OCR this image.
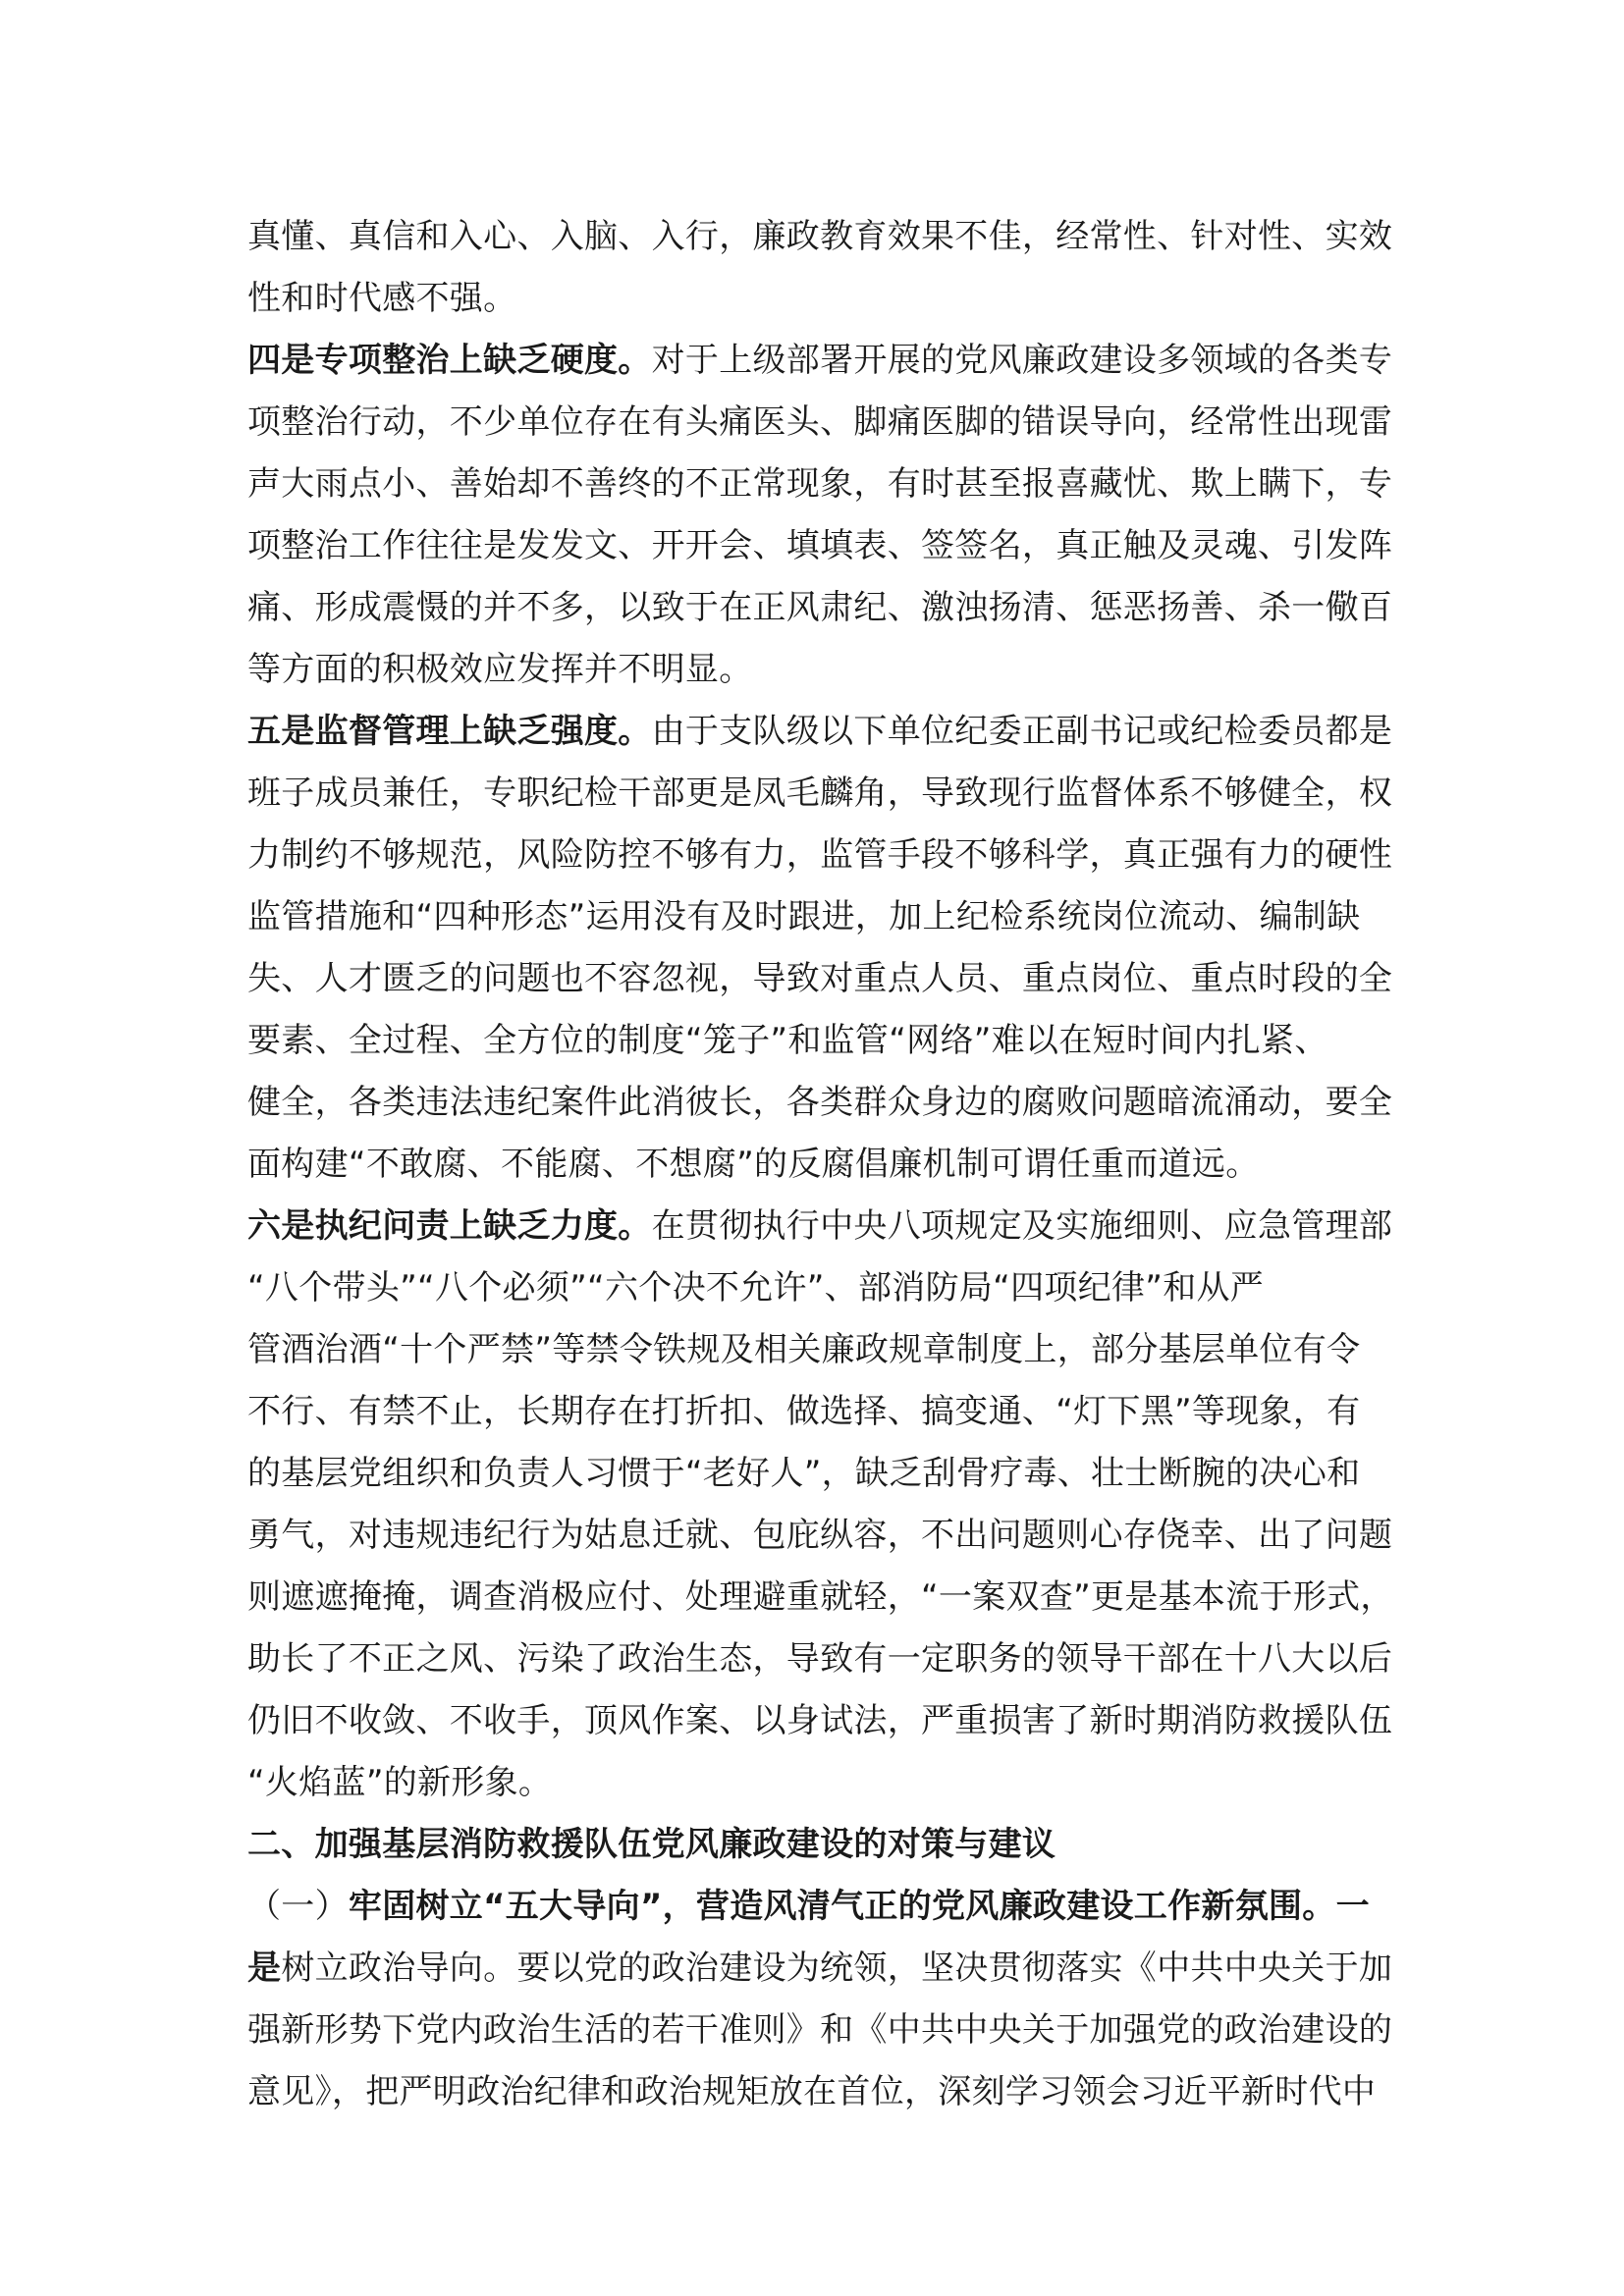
真懂、真信和入心、入脑、入行，廉政教育效果不佳，经常性、针对性、实效
性和时代感不强。
四是专项整治上缺乏硬度。对于上级部署开展的党风廉政建设多领域的各类专
项整治行动，不少单位存在有头痛医头、脚痛医脚的错误导向，经常性出现雷
声大雨点小、善始却不善终的不正常现象，有时甚至报喜藏忧、欺上瞒下，专
项整治工作往往是发发文、开开会、填填表、签签名，真正触及灵魂、引发阵
痛、形成震慑的并不多，以致于在正风肃纪、激浊扬清、惩恶扬善、杀一儆百
等方面的积极效应发挥并不明显。
五是监督管理上缺乏强度。由于支队级以下单位纪委正副书记或纪检委员都是
班子成员兼任，专职纪检干部更是凤毛麟角，导致现行监督体系不够健全，权
力制约不够规范，风险防控不够有力，监管手段不够科学，真正强有力的硬性
监管措施和“四种形态”运用没有及时跟进，加上纪检系统岗位流动、编制缺
失、人才匮乏的问题也不容忽视，导致对重点人员、重点岗位、重点时段的全
要素、全过程、全方位的制度“笼子”和监管“网络”难以在短时间内扎紧、
健全，各类违法违纪案件此消彼长，各类群众身边的腐败问题暗流涌动，要全
面构建“不敢腐、不能腐、不想腐”的反腐倡廉机制可谓任重而道远。
六是执纪问责上缺乏力度。在贯彻执行中央八项规定及实施细则、应急管理部
“八个带头”“八个必须”“六个决不允许”、部消防局“四项纪律”和从严
管酒治酒“十个严禁”等禁令铁规及相关廉政规章制度上，部分基层单位有令
不行、有禁不止，长期存在打折扣、做选择、搞变通、“灯下黑”等现象，有
的基层党组织和负责人习惯于“老好人”，缺乏刮骨疗毒、壮士断腕的决心和
勇气，对违规违纪行为姑息迁就、包庇纵容，不出问题则心存侥幸、出了问题
则遮遮掩掩，调查消极应付、处理避重就轻，“一案双查”更是基本流于形式，
助长了不正之风、污染了政治生态，导致有一定职务的领导干部在十八大以后
仍旧不收敛、不收手，顶风作案、以身试法，严重损害了新时期消防救援队伍
“火焰蓝”的新形象。
二、加强基层消防救援队伍党风廉政建设的对策与建议
（一）牢固树立“五大导向”，营造风清气正的党风廉政建设工作新氛围。一
是树立政治导向。要以党的政治建设为统领，坚决贯彻落实《中共中央关于加
强新形势下党内政治生活的若干准则》和《中共中央关于加强党的政治建设的
意见》，把严明政治纪律和政治规矩放在首位，深刻学习领会习近平新时代中
